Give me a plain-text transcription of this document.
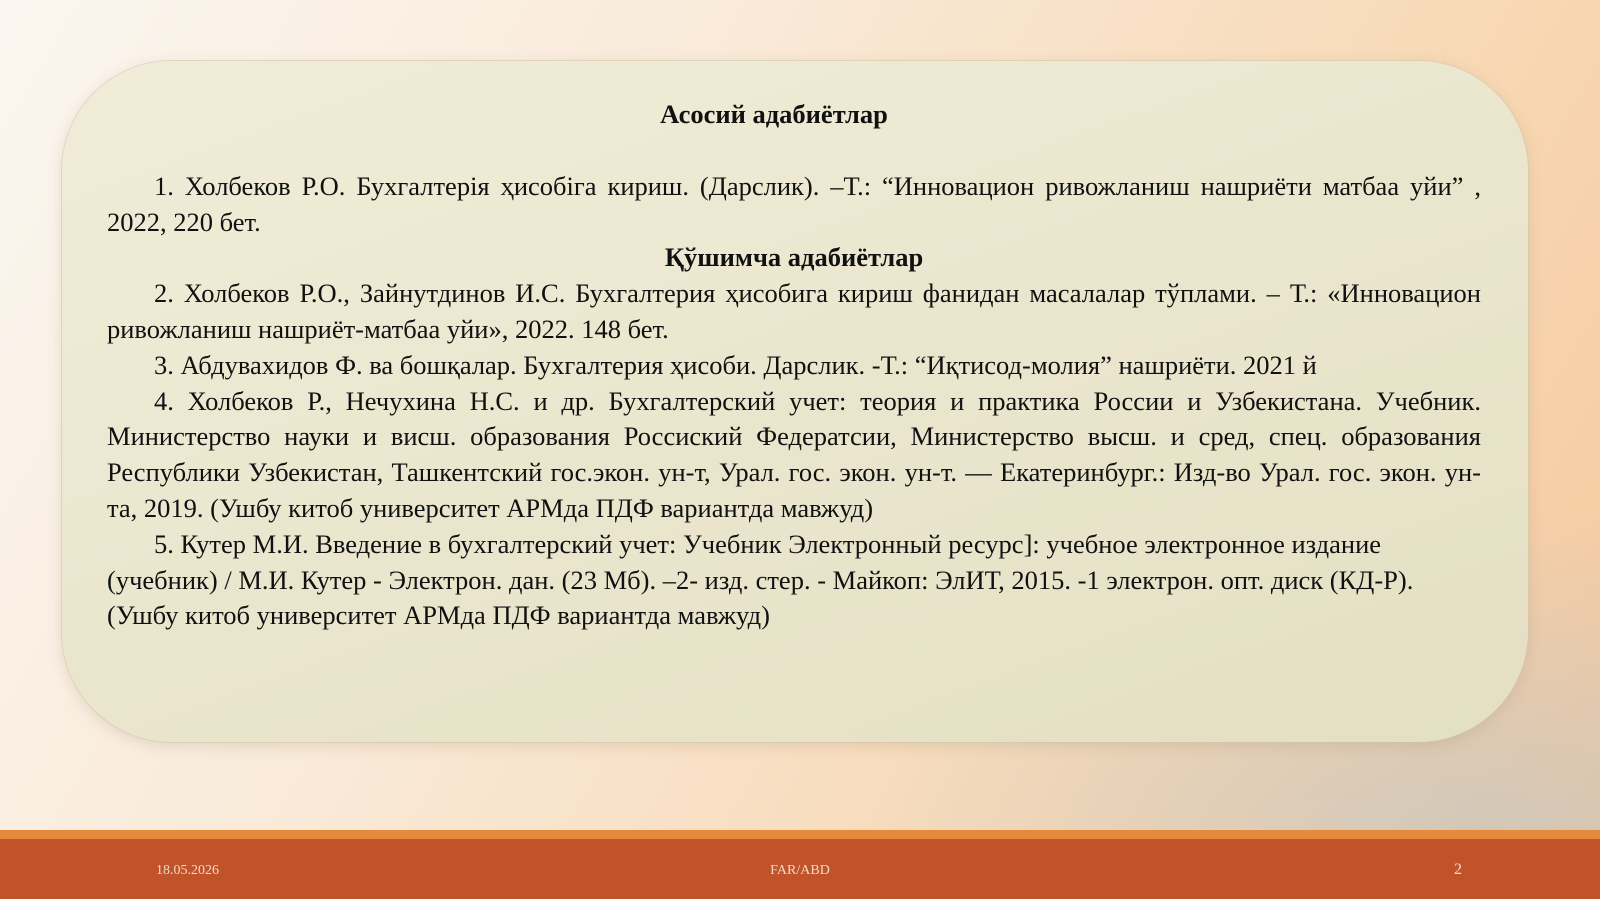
Асосий адабиётлар

1. Холбеков Р.О. Бухгалтерія ҳисобіга кириш. (Дарслик). –Т.: “Инновацион ривожланиш нашриёти матбаа уйи” , 2022, 220 бет.

Қўшимча адабиётлар

2. Холбеков Р.О., Зайнутдинов И.С. Бухгалтерия ҳисобига кириш фанидан масалалар тўплами. – Т.: «Инновацион ривожланиш нашриёт-матбаа уйи», 2022. 148 бет.

3. Абдувахидов Ф. ва бошқалар. Бухгалтерия ҳисоби. Дарслик. -Т.: “Иқтисод-молия” нашриёти. 2021 й

4. Холбеков Р., Нечухина Н.С. и др. Бухгалтерский учет: теория и практика России и Узбекистана. Учебник. Министерство науки и висш. образования Россиский Федератсии, Министерство высш. и сред, спец. образования Республики Узбекистан, Ташкентский гос.экон. ун-т, Урал. гос. экон. ун-т. — Екатеринбург.: Изд-во Урал. гос. экон. ун-та, 2019. (Ушбу китоб университет АРМда ПДФ вариантда мавжуд)

5. Кутер М.И. Введение в бухгалтерский учет: Учебник Электронный ресурс]: учебное электронное издание (учебник) / М.И. Кутер - Электрон. дан. (23 Мб). –2- изд. стер. - Майкоп: ЭлИТ, 2015. -1 электрон. опт. диск (КД-Р). (Ушбу китоб университет АРМда ПДФ вариантда мавжуд)

18.05.2026	FAR/ABD	2
